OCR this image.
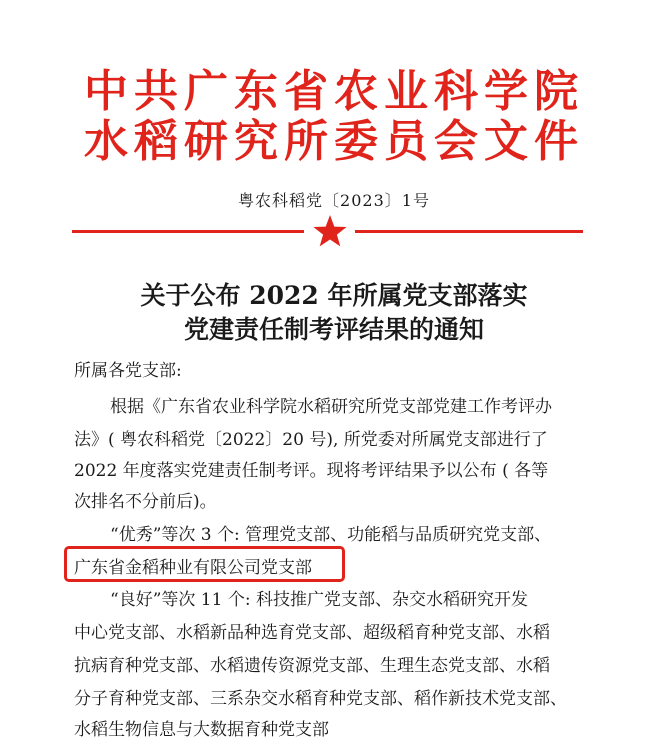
中共广东省农业科学院
水稻研究所委员会文件
粤农科稻党〔2023〕1号
关于公布 2022 年所属党支部落实
党建责任制考评结果的通知
所属各党支部:
根据《广东省农业科学院水稻研究所党支部党建工作考评办
法》( 粤农科稻党〔2022〕20 号), 所党委对所属党支部进行了
2022 年度落实党建责任制考评。现将考评结果予以公布 ( 各等
次排名不分前后)。
“优秀”等次 3 个: 管理党支部、功能稻与品质研究党支部、
广东省金稻种业有限公司党支部
“良好”等次 11 个: 科技推广党支部、杂交水稻研究开发
中心党支部、水稻新品种选育党支部、超级稻育种党支部、水稻
抗病育种党支部、水稻遗传资源党支部、生理生态党支部、水稻
分子育种党支部、三系杂交水稻育种党支部、稻作新技术党支部、
水稻生物信息与大数据育种党支部
